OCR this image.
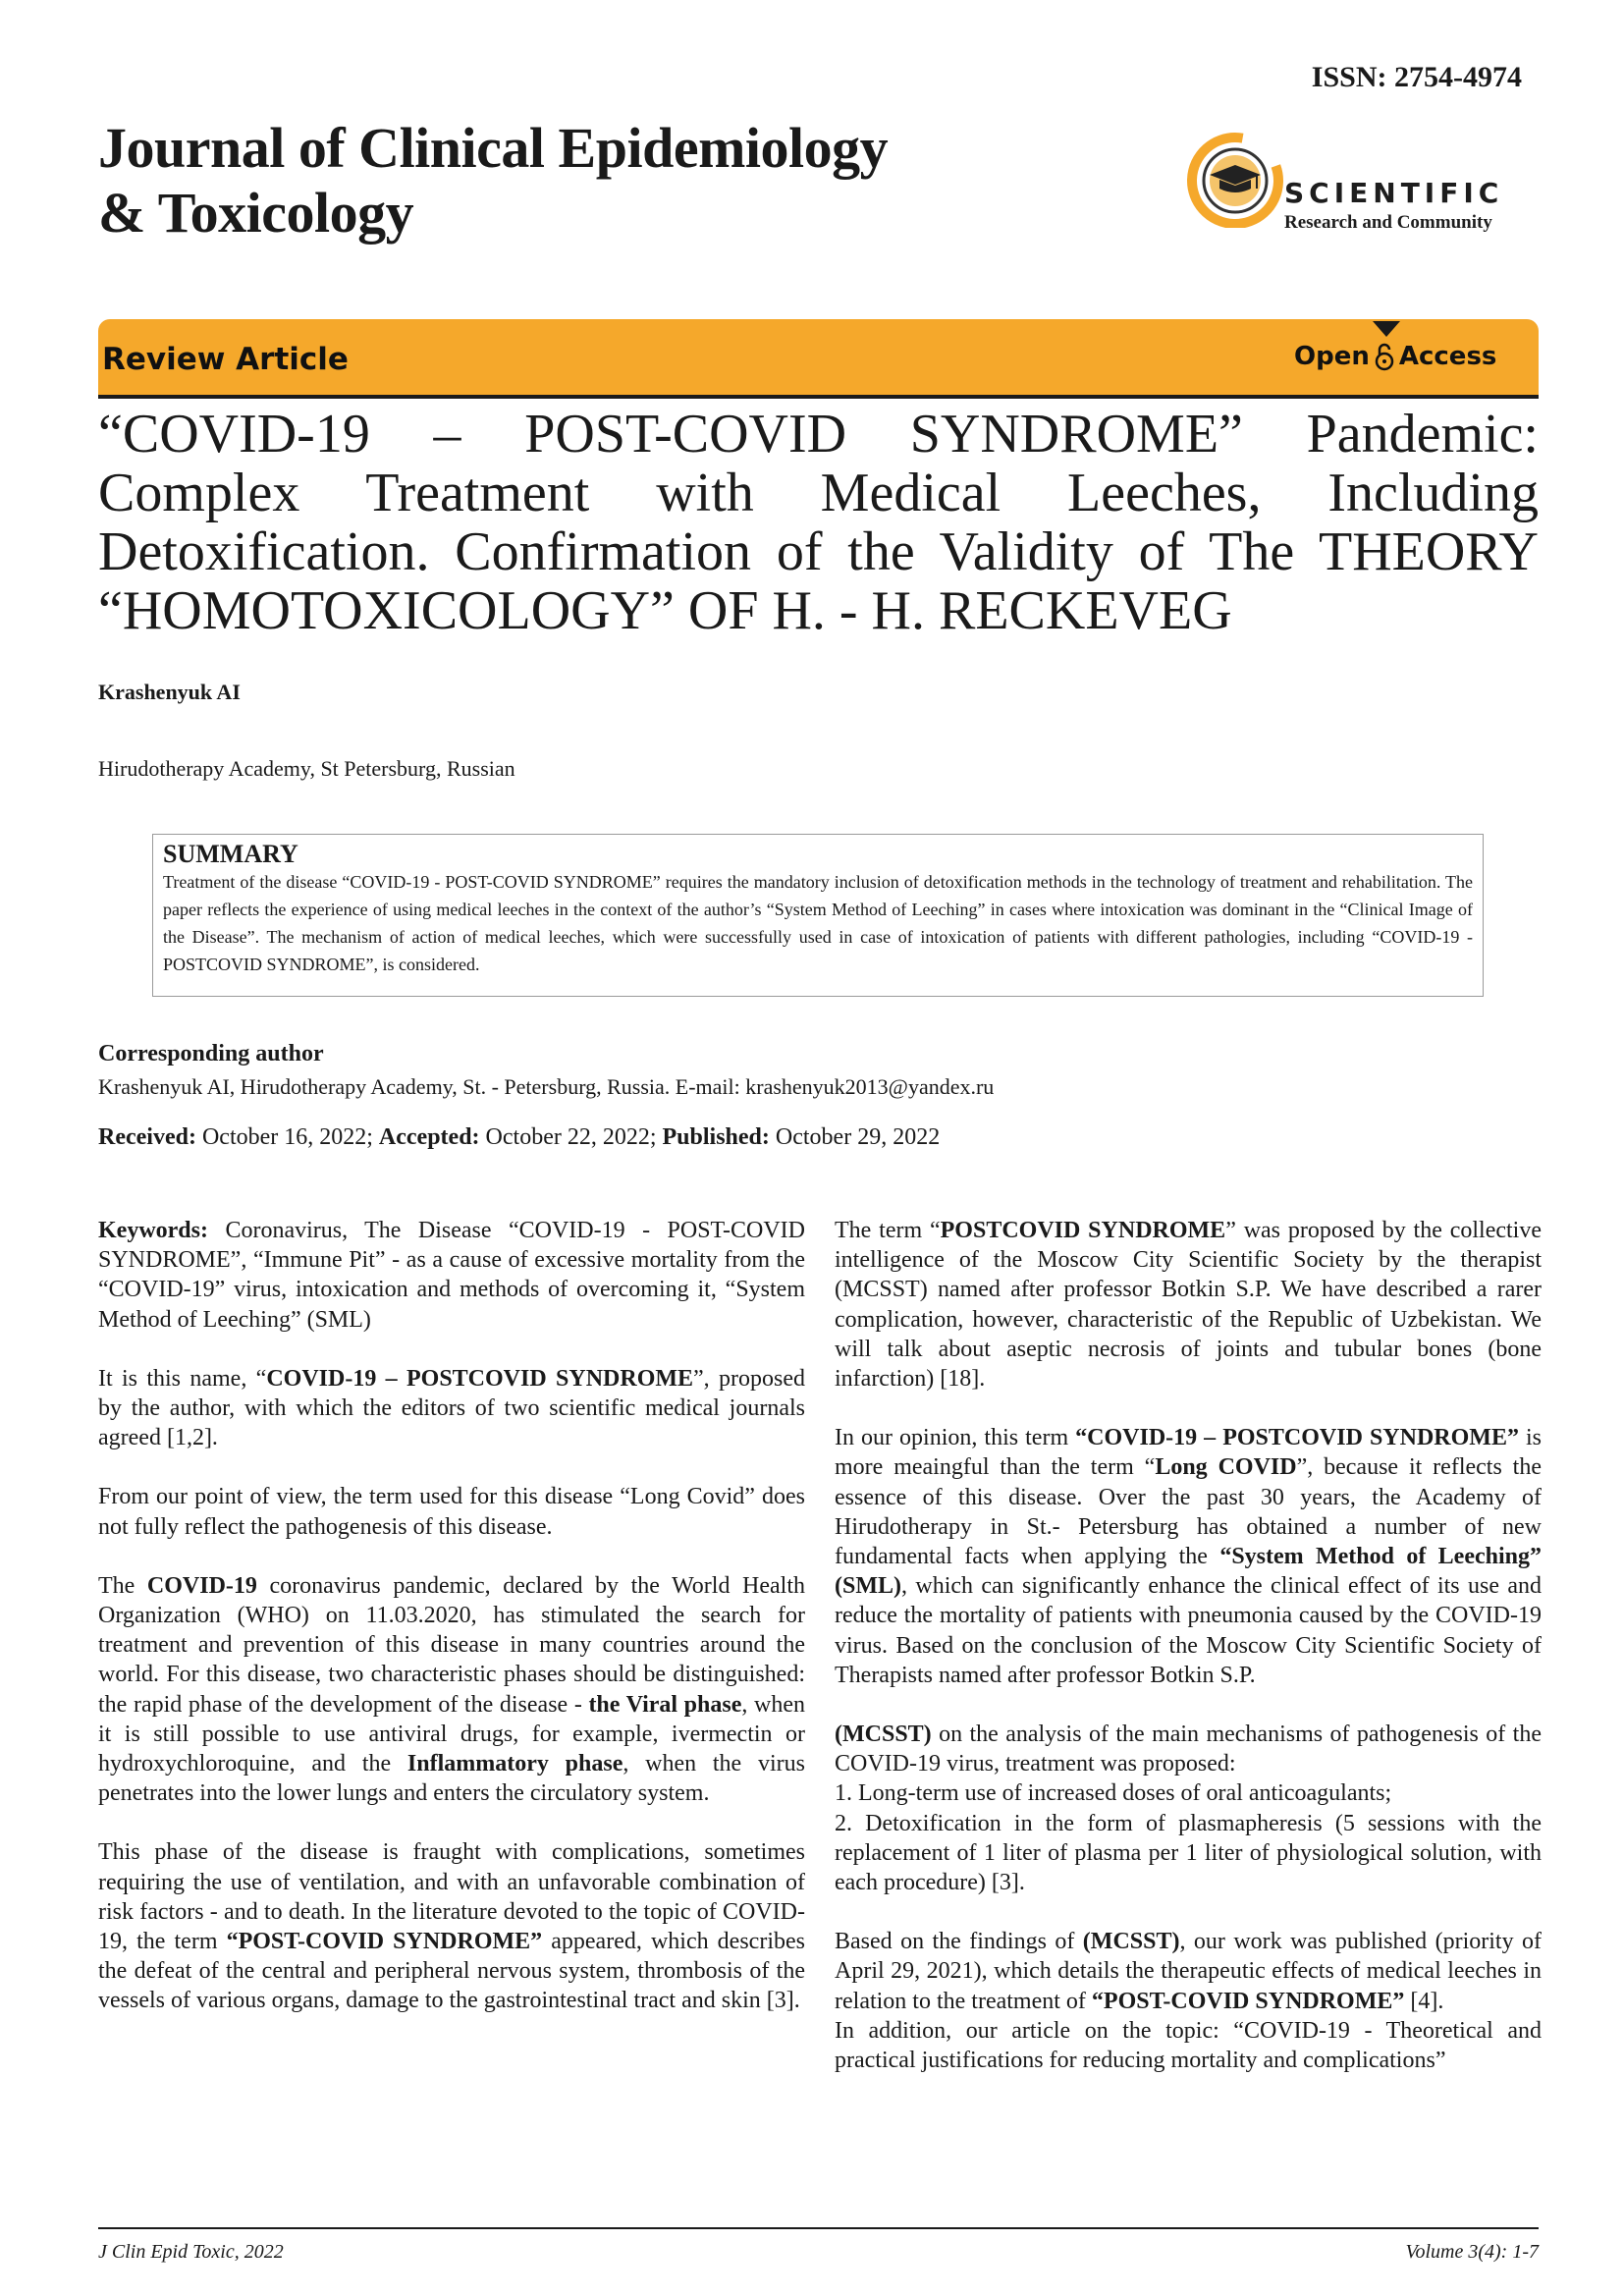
ISSN: 2754-4974
Journal of Clinical Epidemiology
& Toxicology	SCIENTIFIC
Research and Community
Review Article	Open Access
“COVID-19 – POST-COVID SYNDROME” Pandemic: Complex Treatment with Medical Leeches, Including Detoxification. Confirmation of the Validity of The THEORY “HOMOTOXICOLOGY” OF H. - H. RECKEVEG
Krashenyuk AI
Hirudotherapy Academy, St Petersburg, Russian
SUMMARY
Treatment of the disease “COVID-19 - POST-COVID SYNDROME” requires the mandatory inclusion of detoxification methods in the technology of treatment and rehabilitation. The paper reflects the experience of using medical leeches in the context of the author’s “System Method of Leeching” in cases where intoxication was dominant in the “Clinical Image of the Disease”. The mechanism of action of medical leeches, which were successfully used in case of intoxication of patients with different pathologies, including “COVID-19 - POSTCOVID SYNDROME”, is considered.
Corresponding author
Krashenyuk AI, Hirudotherapy Academy, St. - Petersburg, Russia. E-mail: krashenyuk2013@yandex.ru
Received: October 16, 2022; Accepted: October 22, 2022; Published: October 29, 2022

Keywords: Coronavirus, The Disease “COVID-19 - POST-COVID SYNDROME”, “Immune Pit” - as a cause of excessive mortality from the “COVID-19” virus, intoxication and methods of overcoming it, “System Method of Leeching” (SML)

It is this name, “COVID-19 – POSTCOVID SYNDROME”, proposed by the author, with which the editors of two scientific medical journals agreed [1,2].

From our point of view, the term used for this disease “Long Covid” does not fully reflect the pathogenesis of this disease.

The COVID-19 coronavirus pandemic, declared by the World Health Organization (WHO) on 11.03.2020, has stimulated the search for treatment and prevention of this disease in many countries around the world. For this disease, two characteristic phases should be distinguished: the rapid phase of the development of the disease - the Viral phase, when it is still possible to use antiviral drugs, for example, ivermectin or hydroxychloroquine, and the Inflammatory phase, when the virus penetrates into the lower lungs and enters the circulatory system.

This phase of the disease is fraught with complications, sometimes requiring the use of ventilation, and with an unfavorable combination of risk factors - and to death. In the literature devoted to the topic of COVID-19, the term “POST-COVID SYNDROME” appeared, which describes the defeat of the central and peripheral nervous system, thrombosis of the vessels of various organs, damage to the gastrointestinal tract and skin [3].

The term “POSTCOVID SYNDROME” was proposed by the collective intelligence of the Moscow City Scientific Society by the therapist (MCSST) named after professor Botkin S.P. We have described a rarer complication, however, characteristic of the Republic of Uzbekistan. We will talk about aseptic necrosis of joints and tubular bones (bone infarction) [18].

In our opinion, this term “COVID-19 – POSTCOVID SYNDROME” is more meaingful than the term “Long COVID”, because it reflects the essence of this disease. Over the past 30 years, the Academy of Hirudotherapy in St.- Petersburg has obtained a number of new fundamental facts when applying the “System Method of Leeching” (SML), which can significantly enhance the clinical effect of its use and reduce the mortality of patients with pneumonia caused by the COVID-19 virus. Based on the conclusion of the Moscow City Scientific Society of Therapists named after professor Botkin S.P.

(MCSST) on the analysis of the main mechanisms of pathogenesis of the COVID-19 virus, treatment was proposed:
1. Long-term use of increased doses of oral anticoagulants;
2. Detoxification in the form of plasmapheresis (5 sessions with the replacement of 1 liter of plasma per 1 liter of physiological solution, with each procedure) [3].

Based on the findings of (MCSST), our work was published (priority of April 29, 2021), which details the therapeutic effects of medical leeches in relation to the treatment of “POST-COVID SYNDROME” [4].
In addition, our article on the topic: “COVID-19 - Theoretical and practical justifications for reducing mortality and complications”

J Clin Epid Toxic, 2022	Volume 3(4): 1-7
